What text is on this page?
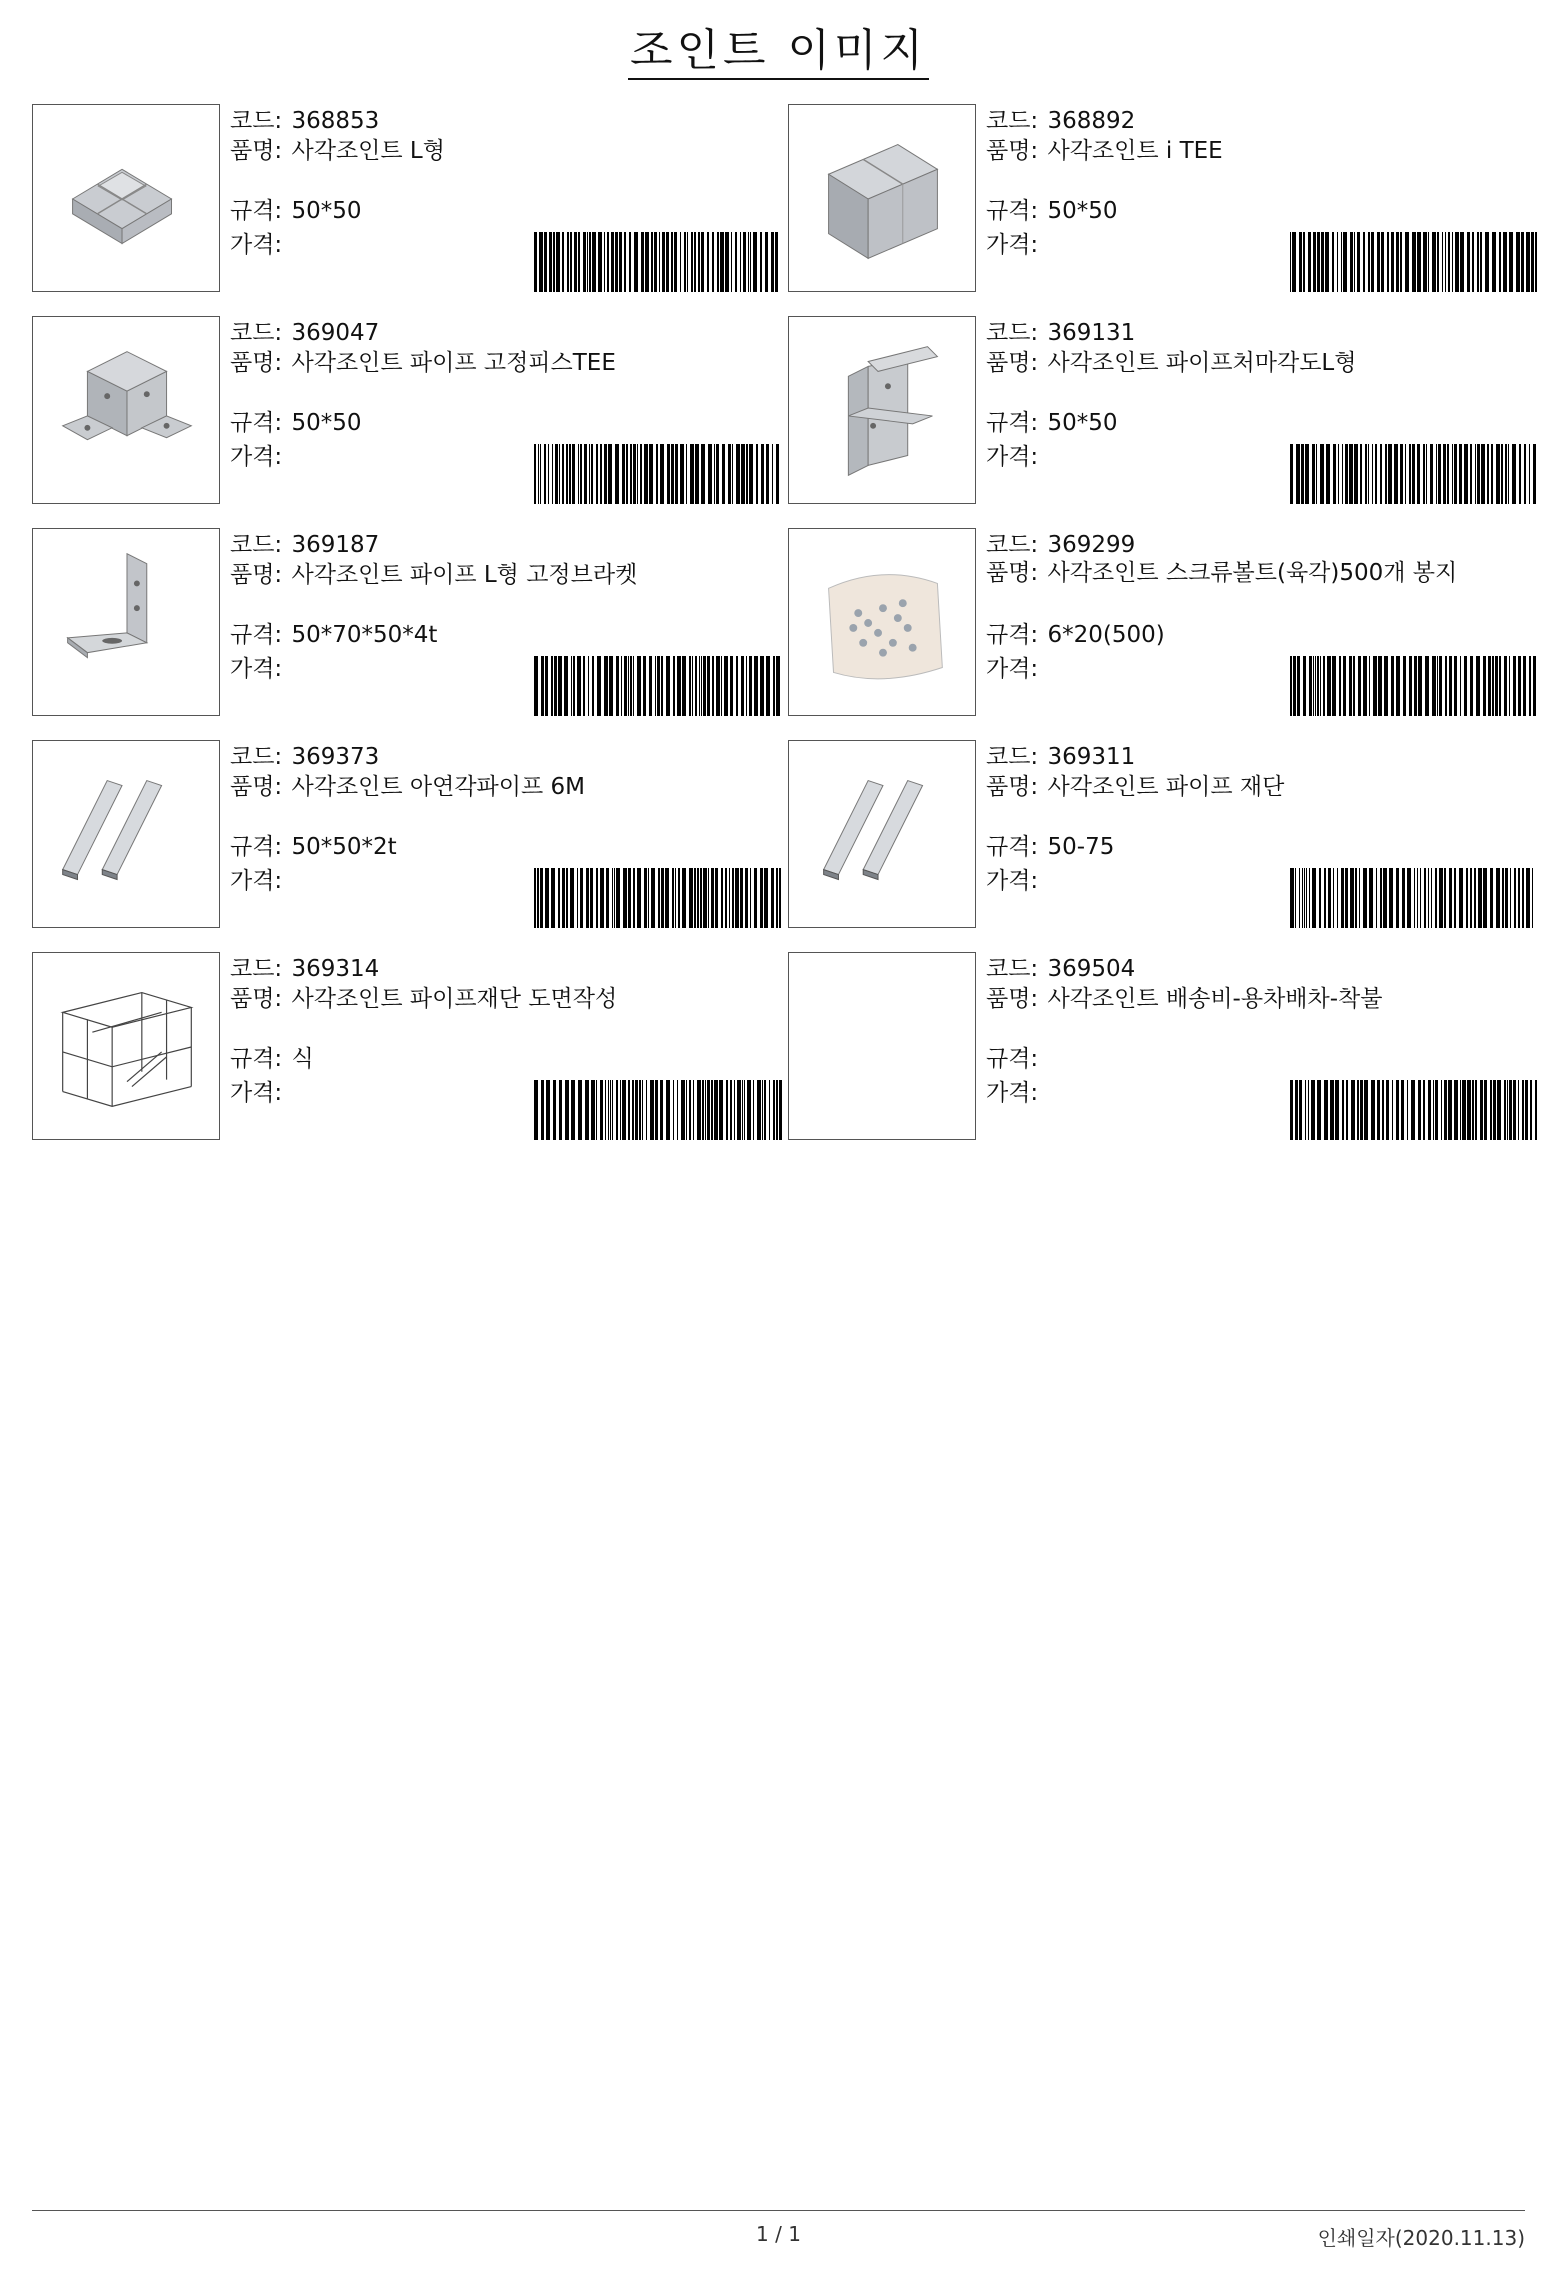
조인트 이미지
코드: 368853
품명: 사각조인트 L형
규격: 50*50
가격:
코드: 368892
품명: 사각조인트 i TEE
규격: 50*50
가격:
코드: 369047
품명: 사각조인트 파이프 고정피스TEE
규격: 50*50
가격:
코드: 369131
품명: 사각조인트 파이프처마각도L형
규격: 50*50
가격:
코드: 369187
품명: 사각조인트 파이프 L형 고정브라켓
규격: 50*70*50*4t
가격:
코드: 369299
품명: 사각조인트 스크류볼트(육각)500개 봉지
규격: 6*20(500)
가격:
코드: 369373
품명: 사각조인트 아연각파이프 6M
규격: 50*50*2t
가격:
코드: 369311
품명: 사각조인트 파이프 재단
규격: 50-75
가격:
코드: 369314
품명: 사각조인트 파이프재단 도면작성
규격: 식
가격:
코드: 369504
품명: 사각조인트 배송비-용차배차-착불
규격:
가격:
1 / 1	인쇄일자(2020.11.13)
